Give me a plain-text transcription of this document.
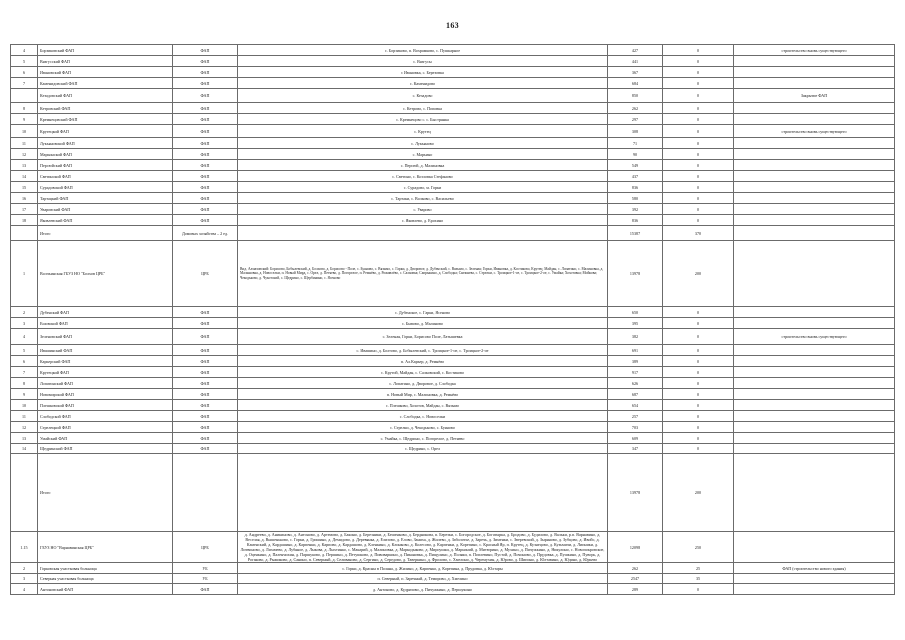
163
4	Борзиковский ФАП	ФАП	с. Борзиково, п. Вохрамково, с. Пушкарное	427	0	строительство вновь существующего
5	Вязгусский ФАП	ФАП	с. Вязгусы	441	0	
6	Ивановский ФАП	ФАП	с Ивановка, с. Березовка	367	0	
7	Каменидовский ФАП	ФАП	с. Каменидово	684	0	
	Кезадовский ФАП	ФАП	с. Кезадово	850	0	Закрытие ФАП
8	Кетровский ФАП	ФАП	с. Кетрово, с. Поповка	262	0	
9	Кремнецовский ФАП	ФАП	с. Кремнецово с. с. Быстрянка	297	0	
10	Крутецкий ФАП	ФАП	с. Крутец	308	0	строительство вновь существующего
11	Лукьяновский ФАП	ФАП	с. Лукьяново	71	0	
12	Марьинский ФАП	ФАП	с. Марьино	90	0	
13	Персюйский ФАП	ФАП	с. Персюй, д. Малиновка	549	0	
14	Светинский ФАП	ФАП	с. Светино, с. Козловка Стефаново	437	0	
15	Сурадовский ФАП	ФАП	с. Сурадово, м. Горки	836	0	
16	Тартацкий ФАП	ФАП	с. Тартаки, с. Волково, с. Васильево	580	0	
17	Уваровский ФАП	ФАП	с. Уварово	392	0	
18	Яковлевский ФАП	ФАП	с. Яковлево, д. Ерохино	836	0	
	Итого	Домовых хозяйства – 2 ед.		15387	370	
1	Волчьинская ГБУЗ НО "Болхов ЦРБ"	ЦРБ	Вид. Алмазовский: Борисово, Бобылевский, д. Болхово, д. Борисово - Поле, с. Буяново, с. Вязымо, с. Гарки, д. Дворовое, д. Дубенский, с. Вязымо, с. Зеленая; Горки, Ивановка, д. Костиково, Крутец; Майдан, с. Лопатино, с. Малиновка, д. Малыновка, д. Новоселки, п. Новый Мирд, с. Орел, д. Петяево, д. Погорелое, п. Ремнёво, д. Роживлёво, с. Салковка; Сапрыкино, д. Слободка; Снежнева, с. Стрелки, с. Троицкое-1-ое, с. Троицкое-2-ое, с. Умайка; Хохотовка; Мойкова; Чекодьково, д. Чукотский, с. Щедрино, с. Щербинино, с. Ясеново	13978	200	
2	Дубенский ФАП	ФАП	с. Дубенское, с. Гарки, Ясеново	650	0	
3	Ешовский ФАП	ФАП	с. Бывово, д. Малиново	395	0	
4	Зеленовский ФАП	ФАП	с. Зеленая, Горки, Борисово Поле, Латышевка	382	0	строительство вновь существующего
5	Ивашинский ФАП	ФАП	с. Ивашино, д. Болтово, д. Бобылевский, с. Троицкое-1-ое, с. Троицкое-2-ое	691	0	
6	Карьерский ФАП	ФАП	п. Ал.Карьер, д. Ремнёво	389	0	
7	Крутецкий ФАП	ФАП	с. Крутой, Майдан, с. Салковский, с. Костиково	917	0	
8	Лопатинский ФАП	ФАП	с. Лопатино, д. Дворовое, д. Слободка	626	0	
9	Новомирский ФАП	ФАП	п. Новый Мир, с. Малиновка, д. Ремнёво	687	0	
10	Плешковский ФАП	ФАП	с. Плешково, Хохотов, Майдан, с. Вязымо	654	0	
11	Слободской ФАП	ФАП	с. Слободка, с. Новоселки	257	0	
12	Стрелецкий ФАП	ФАП	с. Стрелки, д. Чекодьково, с. Буяново	703	0	
13	Умайский ФАП	ФАП	с. Умайка, с. Щедрино, с. Погорелое, д. Петяево	609	0	
14	Щедринский ФАП	ФАП	с. Щедрино, с. Орел	347	0	
	Итого			13978	200	
1.15	ГБУЗ НО "Варнавинская ЦРБ"	ЦРБ	д. Андреево, д. Аникиново, д. Антоново, д. Артемово, д. Бакино, д. Березники, д. Бешенково, д. Бердникова, п. Березки, с. Богородское, д. Богатырка, д. Бродово, д. Будилово, д. Вальки, р.п. Варнавино, д. Веселая, д. Вышеньково, с. Горки, д. Гришино, д. Демидово, д. Деревянка, д. Елизово, д. Елово, Заниха, д. Жилево, д. Заболотье, д. Заречь, д. Зименки, с. Зверевский, д. Зыряново, д. Зубцово, д. Ивойс, д. Каменский, д. Кардашино, д. Карпенки, д. Карпово, д. Кардашово, д. Кленкино, д. Клинково, д. Колесово, д. Карпенки, д. Корепино, с. Красный Яр, п. Крутец, д. Кузнецово, д. Кузьмичи, д. Липники, д. Литвиново, д. Лихачево, д. Лубяное, д. Лыкова, д. Лыхтинко, с. Макарий, д. Малиновка, д. Маркодыково, д. Мироушки, д. Марьиний, д. Митюрино, д. Мухино, д. Пичужкино, д. Никулино, с. Новопокровское, д. Оценкино, д. Паленчихин, д. Паршуково, д. Першино, д. Петушково, д. Пивоваркино, д. Пикановка, д. Пищулино, д. Поляки, п. Поплевино, Пустой, д. Починово, д. Прудовка, д. Пушкино, д. Пуворь, д. Рогаково, д. Рыжиково, д. Санино, п. Северный, д. Селиваново, д. Сергино, д. Середово, д. Таверкино, д. Фролово, с. Хмелино, д. Черемухин, д. Юрово, д. Шипино, д. Юлтавино, д. Юдино, д. Юрьево	12098	250	
2	Горковская участковая больница	УБ	с. Горки, д. Красны в Поляна, д. Жилино, д. Карпенко, д. Корепина, д. Прудовка, д. Юлтары	262	25	ФАП (строительство нового здания)
3	Северная участковая больница	УБ	п. Северный, п. Заречный, д. Темирово, д. Хмелино	2547	35	
4	Антоновский ФАП	ФАП	д. Антоново, д. Кудрячово, д. Пичужкино, д. Першукино	289	0	
